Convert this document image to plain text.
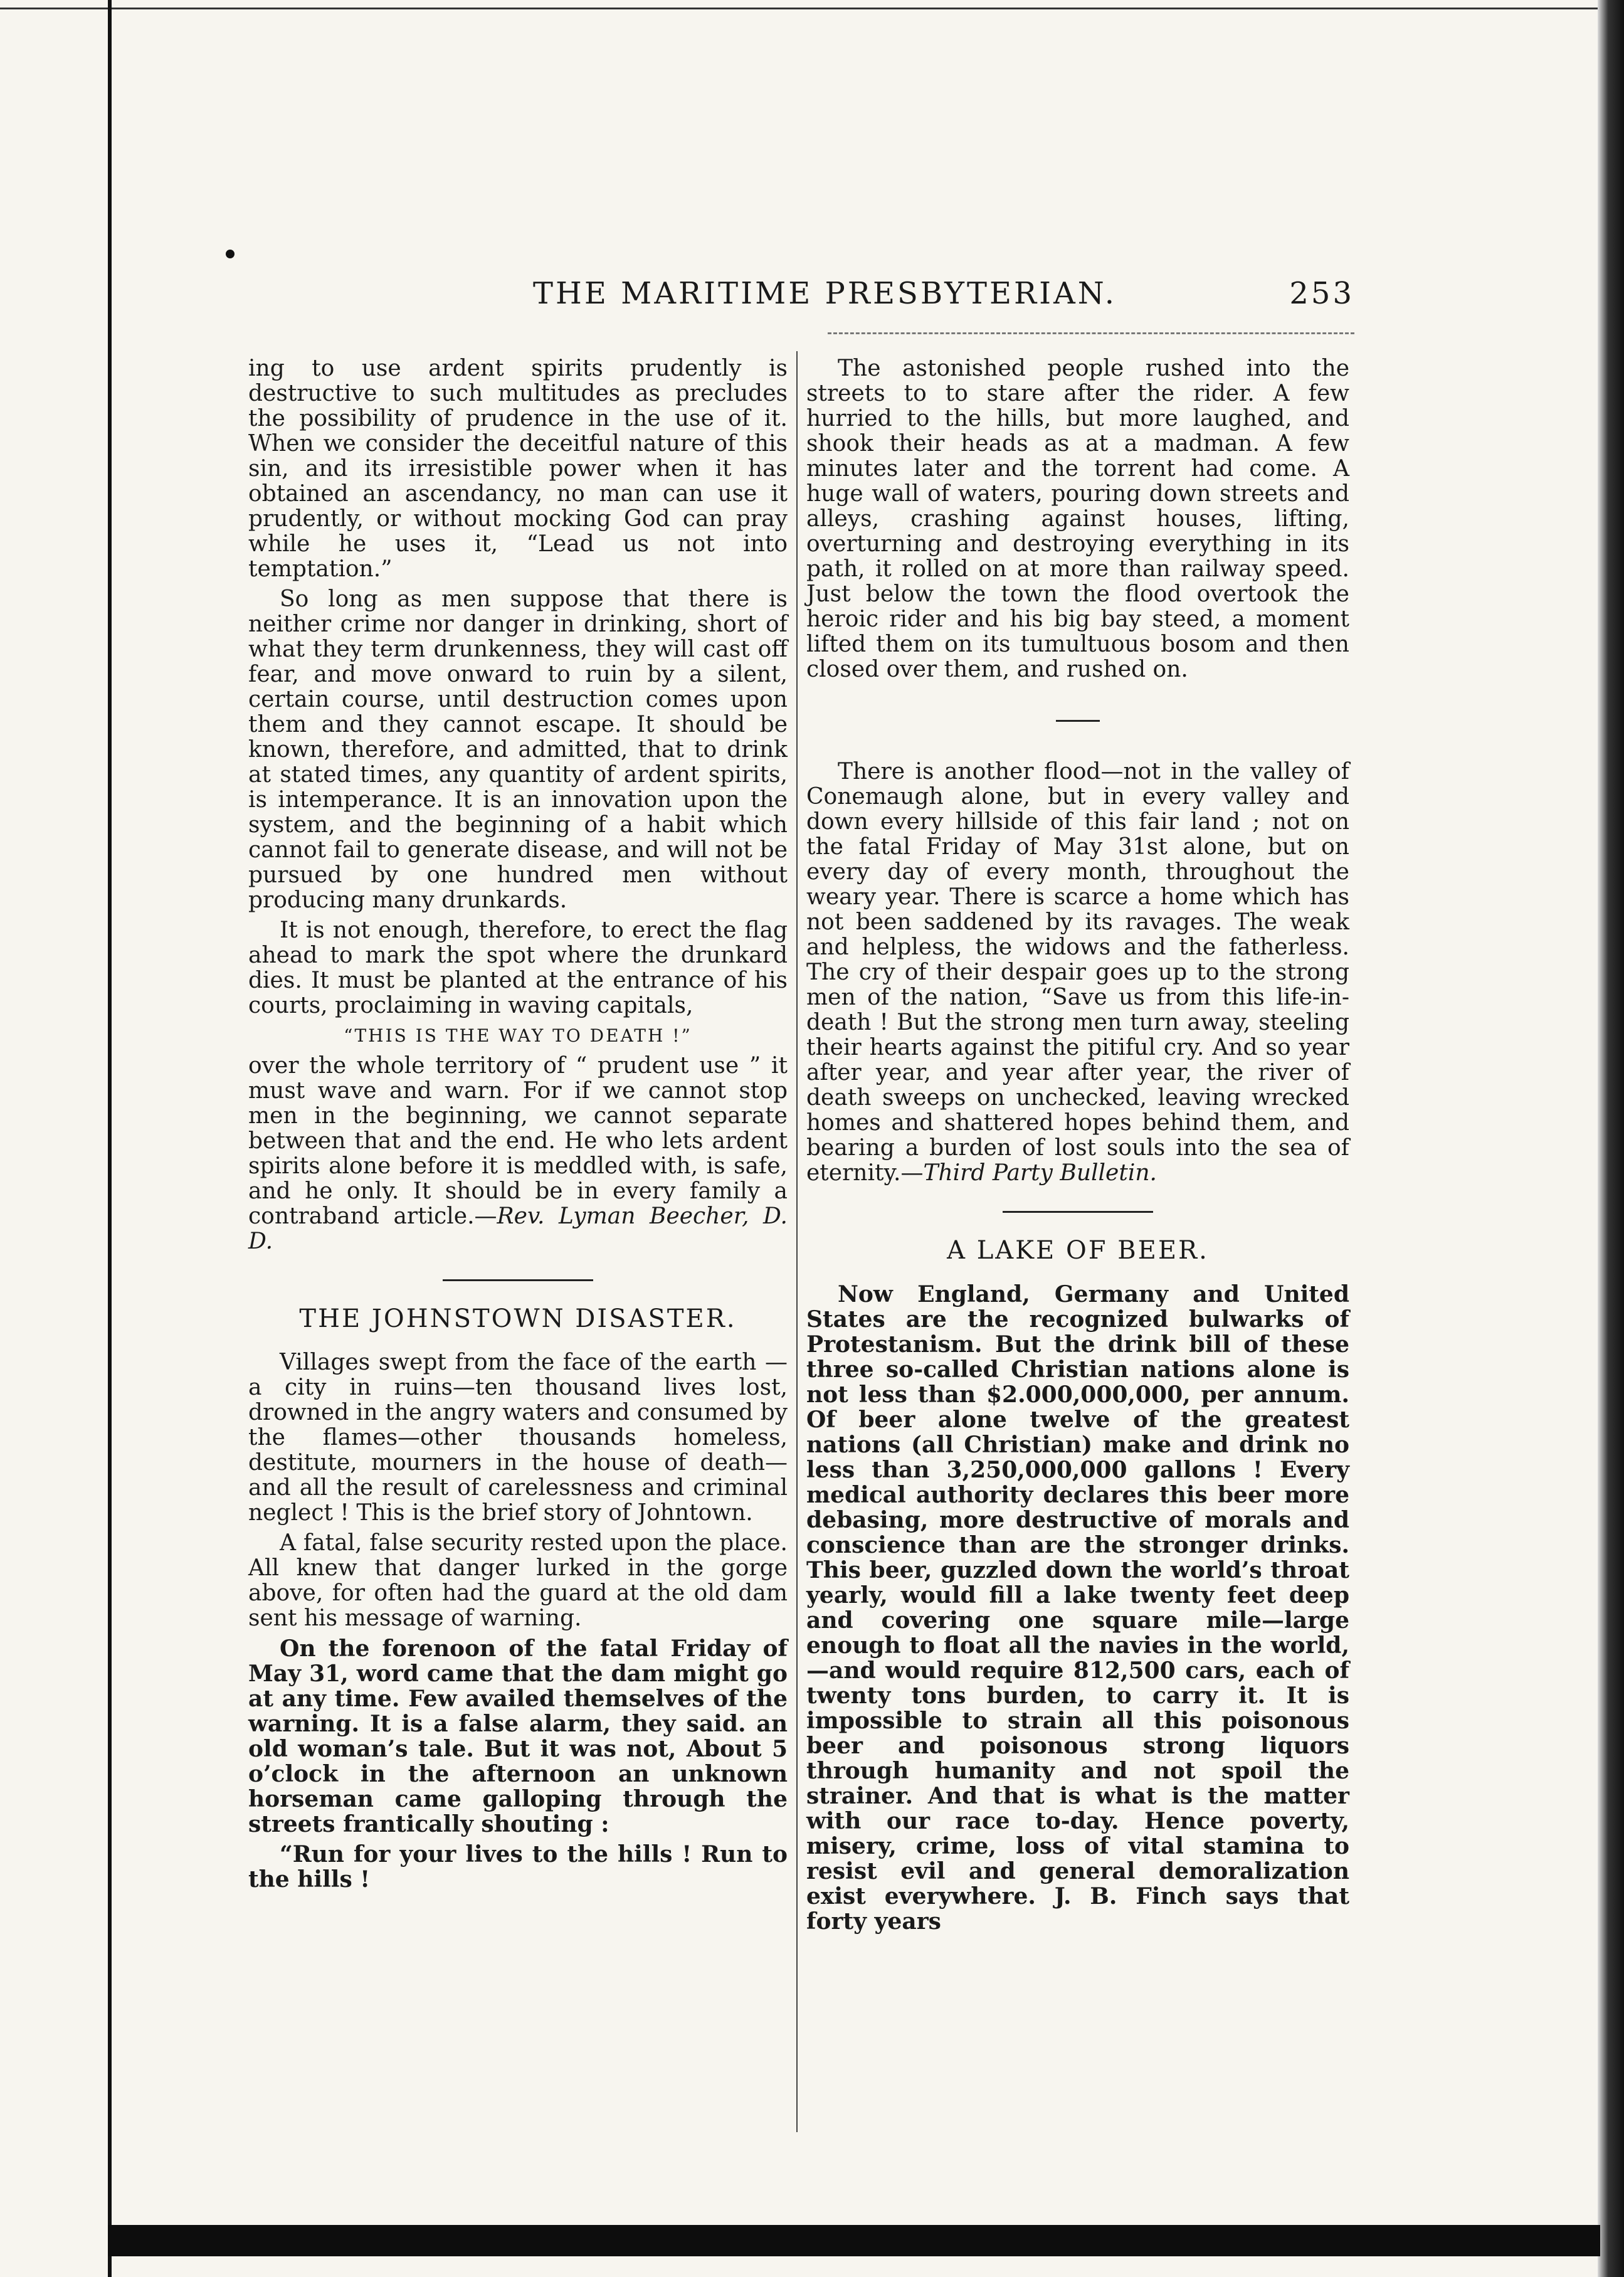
THE MARITIME PRESBYTERIAN.	253

ing to use ardent spirits prudently is destructive to such multitudes as precludes the possibility of prudence in the use of it. When we consider the deceitful nature of this sin, and its irresistible power when it has obtained an ascendancy, no man can use it prudently, or without mocking God can pray while he uses it, “Lead us not into temptation.”

So long as men suppose that there is neither crime nor danger in drinking, short of what they term drunkenness, they will cast off fear, and move onward to ruin by a silent, certain course, until destruction comes upon them and they cannot escape. It should be known, therefore, and admitted, that to drink at stated times, any quantity of ardent spirits, is intemperance. It is an innovation upon the system, and the beginning of a habit which cannot fail to generate disease, and will not be pursued by one hundred men without producing many drunkards.

It is not enough, therefore, to erect the flag ahead to mark the spot where the drunkard dies. It must be planted at the entrance of his courts, proclaiming in waving capitals,

“THIS IS THE WAY TO DEATH !”

over the whole territory of “ prudent use ” it must wave and warn. For if we cannot stop men in the beginning, we cannot separate between that and the end. He who lets ardent spirits alone before it is meddled with, is safe, and he only. It should be in every family a contraband article.—Rev. Lyman Beecher, D. D.

THE JOHNSTOWN DISASTER.

Villages swept from the face of the earth —a city in ruins—ten thousand lives lost, drowned in the angry waters and consumed by the flames—other thousands homeless, destitute, mourners in the house of death—and all the result of carelessness and criminal neglect ! This is the brief story of Johntown.

A fatal, false security rested upon the place. All knew that danger lurked in the gorge above, for often had the guard at the old dam sent his message of warning.

On the forenoon of the fatal Friday of May 31, word came that the dam might go at any time. Few availed themselves of the warning. It is a false alarm, they said. an old woman’s tale. But it was not, About 5 o’clock in the afternoon an unknown horseman came galloping through the streets frantically shouting :

“Run for your lives to the hills ! Run to the hills !

The astonished people rushed into the streets to to stare after the rider. A few hurried to the hills, but more laughed, and shook their heads as at a madman. A few minutes later and the torrent had come. A huge wall of waters, pouring down streets and alleys, crashing against houses, lifting, overturning and destroying everything in its path, it rolled on at more than railway speed. Just below the town the flood overtook the heroic rider and his big bay steed, a moment lifted them on its tumultuous bosom and then closed over them, and rushed on.

There is another flood—not in the valley of Conemaugh alone, but in every valley and down every hillside of this fair land ; not on the fatal Friday of May 31st alone, but on every day of every month, throughout the weary year. There is scarce a home which has not been saddened by its ravages. The weak and helpless, the widows and the fatherless. The cry of their despair goes up to the strong men of the nation, “Save us from this life-in-death ! But the strong men turn away, steeling their hearts against the pitiful cry. And so year after year, and year after year, the river of death sweeps on unchecked, leaving wrecked homes and shattered hopes behind them, and bearing a burden of lost souls into the sea of eternity.—Third Party Bulletin.

A LAKE OF BEER.

Now England, Germany and United States are the recognized bulwarks of Protestanism. But the drink bill of these three so-called Christian nations alone is not less than $2.000,000,000, per annum. Of beer alone twelve of the greatest nations (all Christian) make and drink no less than 3,250,000,000 gallons ! Every medical authority declares this beer more debasing, more destructive of morals and conscience than are the stronger drinks. This beer, guzzled down the world’s throat yearly, would fill a lake twenty feet deep and covering one square mile—large enough to float all the navies in the world,—and would require 812,500 cars, each of twenty tons burden, to carry it. It is impossible to strain all this poisonous beer and poisonous strong liquors through humanity and not spoil the strainer. And that is what is the matter with our race to-day. Hence poverty, misery, crime, loss of vital stamina to resist evil and general demoralization exist everywhere. J. B. Finch says that forty years
